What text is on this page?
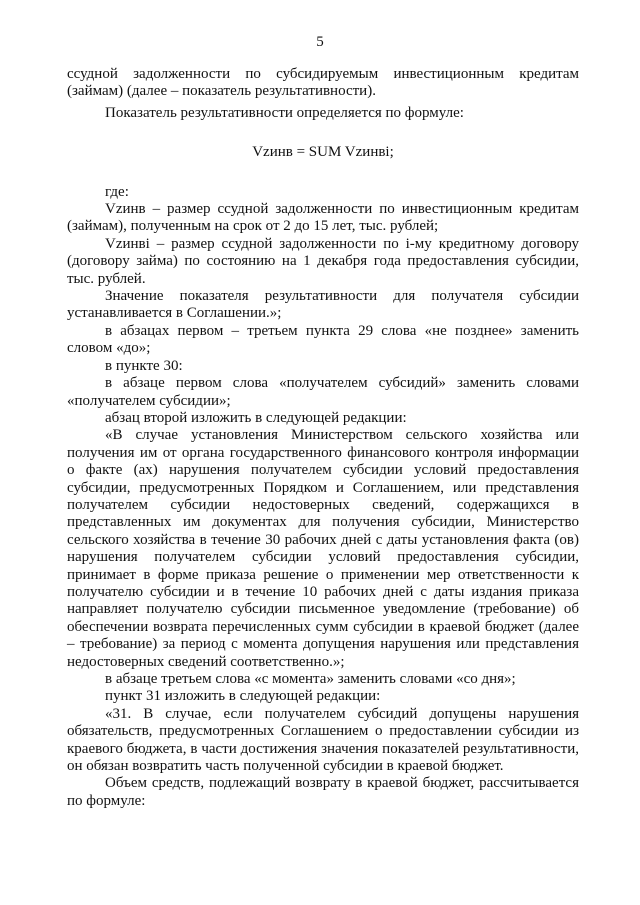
5

ссудной задолженности по субсидируемым инвестиционным кредитам (займам) (далее – показатель результативности).

Показатель результативности определяется по формуле:

Vzинв = SUM Vzинвi;

где:

Vzинв – размер ссудной задолженности по инвестиционным кредитам (займам), полученным на срок от 2 до 15 лет, тыс. рублей;

Vzинвi – размер ссудной задолженности по i-му кредитному договору (договору займа) по состоянию на 1 декабря года предоставления субсидии, тыс. рублей.

Значение показателя результативности для получателя субсидии устанавливается в Соглашении.»;

в абзацах первом – третьем пункта 29 слова «не позднее» заменить словом «до»;

в пункте 30:

в абзаце первом слова «получателем субсидий» заменить словами «получателем субсидии»;

абзац второй изложить в следующей редакции:

«В случае установления Министерством сельского хозяйства или получения им от органа государственного финансового контроля информации о факте (ах) нарушения получателем субсидии условий предоставления субсидии, предусмотренных Порядком и Соглашением, или представления получателем субсидии недостоверных сведений, содержащихся в представленных им документах для получения субсидии, Министерство сельского хозяйства в течение 30 рабочих дней с даты установления факта (ов) нарушения получателем субсидии условий предоставления субсидии, принимает в форме приказа решение о применении мер ответственности к получателю субсидии и в течение 10 рабочих дней с даты издания приказа направляет получателю субсидии письменное уведомление (требование) об обеспечении возврата перечисленных сумм субсидии в краевой бюджет (далее – требование) за период с момента допущения нарушения или представления недостоверных сведений соответственно.»;

в абзаце третьем слова «с момента» заменить словами «со дня»;

пункт 31 изложить в следующей редакции:

«31. В случае, если получателем субсидий допущены нарушения обязательств, предусмотренных Соглашением о предоставлении субсидии из краевого бюджета, в части достижения значения показателей результативности, он обязан возвратить часть полученной субсидии в краевой бюджет.

Объем средств, подлежащий возврату в краевой бюджет, рассчитывается по формуле:
